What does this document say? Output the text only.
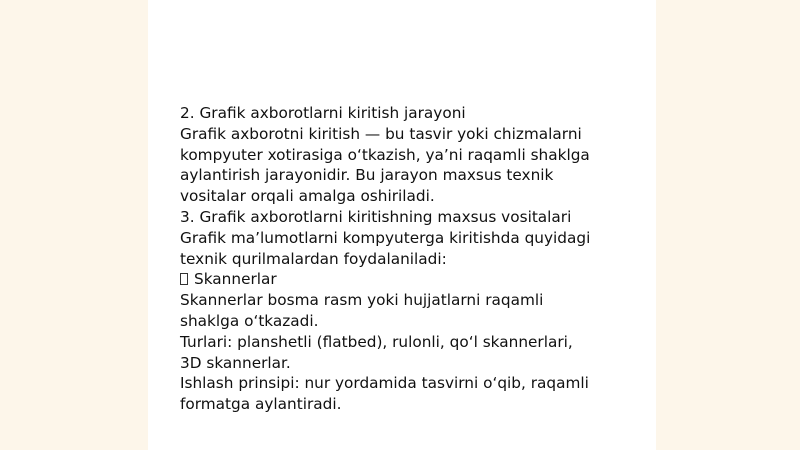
2. Grafik axborotlarni kiritish jarayoni
Grafik axborotni kiritish — bu tasvir yoki chizmalarni
kompyuter xotirasiga o‘tkazish, ya’ni raqamli shaklga
aylantirish jarayonidir. Bu jarayon maxsus texnik
vositalar orqali amalga oshiriladi.
3. Grafik axborotlarni kiritishning maxsus vositalari
Grafik ma’lumotlarni kompyuterga kiritishda quyidagi
texnik qurilmalardan foydalaniladi:
Skannerlar
Skannerlar bosma rasm yoki hujjatlarni raqamli
shaklga o‘tkazadi.
Turlari: planshetli (flatbed), rulonli, qo‘l skannerlari,
3D skannerlar.
Ishlash prinsipi: nur yordamida tasvirni o‘qib, raqamli
formatga aylantiradi.
